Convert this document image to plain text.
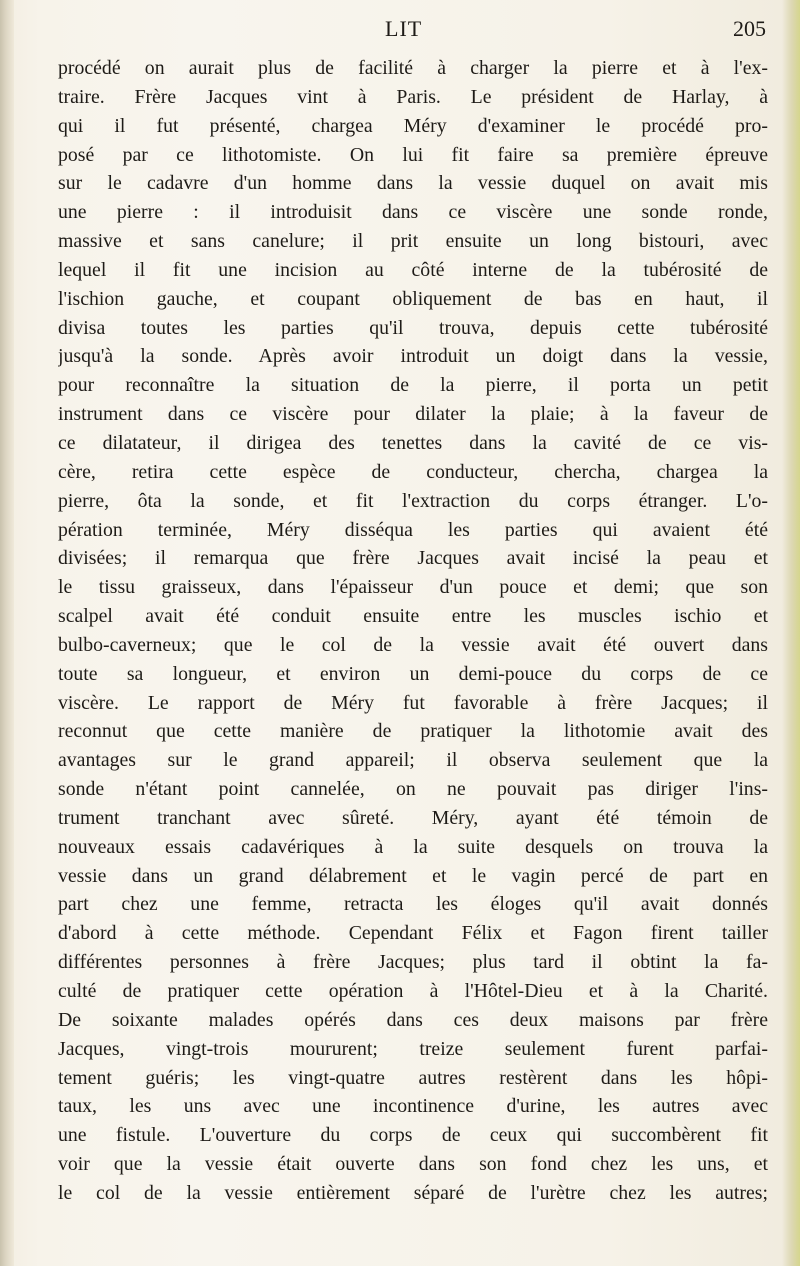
LIT	205
procédé on aurait plus de facilité à charger la pierre et à l'ex-
traire. Frère Jacques vint à Paris. Le président de Harlay, à
qui il fut présenté, chargea Méry d'examiner le procédé pro-
posé par ce lithotomiste. On lui fit faire sa première épreuve
sur le cadavre d'un homme dans la vessie duquel on avait mis
une pierre : il introduisit dans ce viscère une sonde ronde,
massive et sans canelure; il prit ensuite un long bistouri, avec
lequel il fit une incision au côté interne de la tubérosité de
l'ischion gauche, et coupant obliquement de bas en haut, il
divisa toutes les parties qu'il trouva, depuis cette tubérosité
jusqu'à la sonde. Après avoir introduit un doigt dans la vessie,
pour reconnaître la situation de la pierre, il porta un petit
instrument dans ce viscère pour dilater la plaie; à la faveur de
ce dilatateur, il dirigea des tenettes dans la cavité de ce vis-
cère, retira cette espèce de conducteur, chercha, chargea la
pierre, ôta la sonde, et fit l'extraction du corps étranger. L'o-
pération terminée, Méry disséqua les parties qui avaient été
divisées; il remarqua que frère Jacques avait incisé la peau et
le tissu graisseux, dans l'épaisseur d'un pouce et demi; que son
scalpel avait été conduit ensuite entre les muscles ischio et
bulbo-caverneux; que le col de la vessie avait été ouvert dans
toute sa longueur, et environ un demi-pouce du corps de ce
viscère. Le rapport de Méry fut favorable à frère Jacques; il
reconnut que cette manière de pratiquer la lithotomie avait des
avantages sur le grand appareil; il observa seulement que la
sonde n'étant point cannelée, on ne pouvait pas diriger l'ins-
trument tranchant avec sûreté. Méry, ayant été témoin de
nouveaux essais cadavériques à la suite desquels on trouva la
vessie dans un grand délabrement et le vagin percé de part en
part chez une femme, retracta les éloges qu'il avait donnés
d'abord à cette méthode. Cependant Félix et Fagon firent tailler
différentes personnes à frère Jacques; plus tard il obtint la fa-
culté de pratiquer cette opération à l'Hôtel-Dieu et à la Charité.
De soixante malades opérés dans ces deux maisons par frère
Jacques, vingt-trois moururent; treize seulement furent parfai-
tement guéris; les vingt-quatre autres restèrent dans les hôpi-
taux, les uns avec une incontinence d'urine, les autres avec
une fistule. L'ouverture du corps de ceux qui succombèrent fit
voir que la vessie était ouverte dans son fond chez les uns, et
le col de la vessie entièrement séparé de l'urètre chez les autres;
